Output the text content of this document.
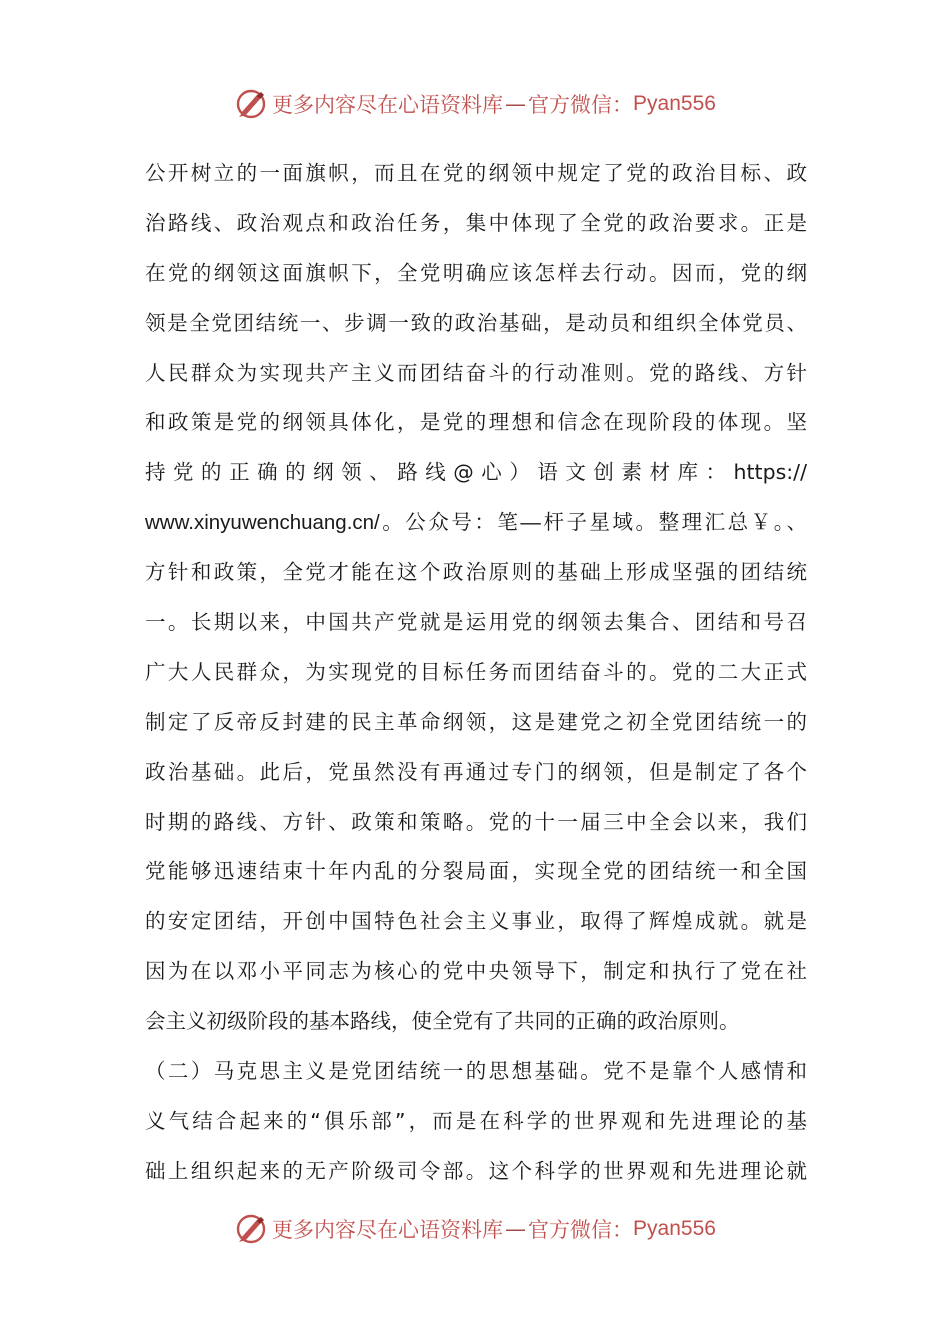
更多内容尽在心语资料库 — 官方微信： Pyan556
公开树立的一面旗帜，而且在党的纲领中规定了党的政治目标、政
治路线、政治观点和政治任务，集中体现了全党的政治要求。正是
在党的纲领这面旗帜下，全党明确应该怎样去行动。因而，党的纲
领是全党团结统一、步调一致的政治基础，是动员和组织全体党员、
人民群众为实现共产主义而团结奋斗的行动准则。党的路线、方针
和政策是党的纲领具体化，是党的理想和信念在现阶段的体现。坚
持党的正确的纲领、路线@心）语文创素材库：https://
www.xinyuwenchuang.cn/。公众号：笔—杆子星域。整理汇总￥。、
方针和政策，全党才能在这个政治原则的基础上形成坚强的团结统
一。长期以来，中国共产党就是运用党的纲领去集合、团结和号召
广大人民群众，为实现党的目标任务而团结奋斗的。党的二大正式
制定了反帝反封建的民主革命纲领，这是建党之初全党团结统一的
政治基础。此后，党虽然没有再通过专门的纲领，但是制定了各个
时期的路线、方针、政策和策略。党的十一届三中全会以来，我们
党能够迅速结束十年内乱的分裂局面，实现全党的团结统一和全国
的安定团结，开创中国特色社会主义事业，取得了辉煌成就。就是
因为在以邓小平同志为核心的党中央领导下，制定和执行了党在社
会主义初级阶段的基本路线，使全党有了共同的正确的政治原则。
（二）马克思主义是党团结统一的思想基础。党不是靠个人感情和
义气结合起来的“俱乐部”，而是在科学的世界观和先进理论的基
础上组织起来的无产阶级司令部。这个科学的世界观和先进理论就
更多内容尽在心语资料库 — 官方微信： Pyan556
